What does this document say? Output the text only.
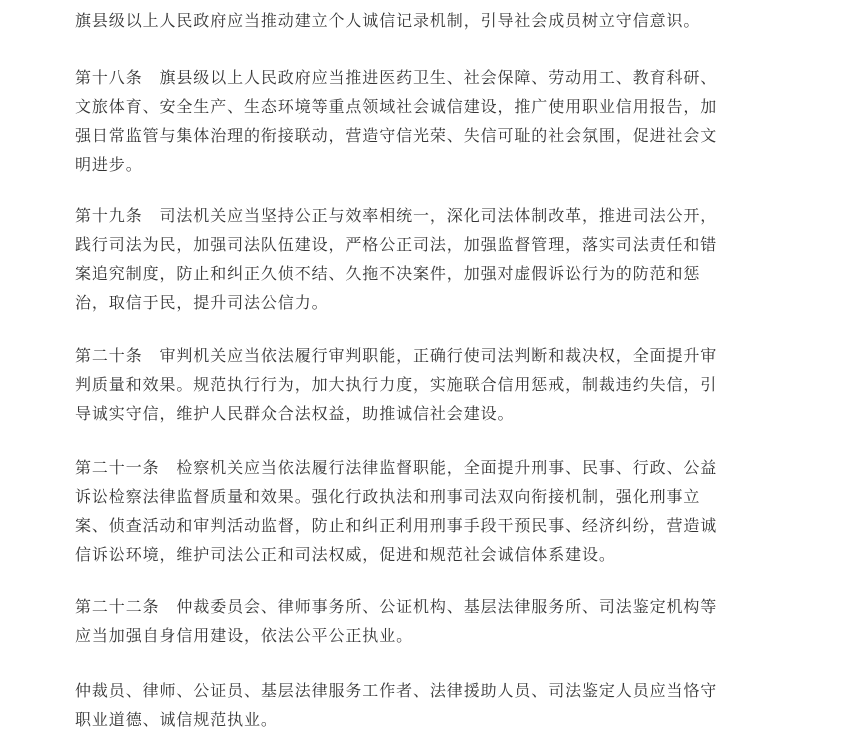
旗县级以上人民政府应当推动建立个人诚信记录机制，引导社会成员树立守信意识。

第十八条　旗县级以上人民政府应当推进医药卫生、社会保障、劳动用工、教育科研、
文旅体育、安全生产、生态环境等重点领域社会诚信建设，推广使用职业信用报告，加
强日常监管与集体治理的衔接联动，营造守信光荣、失信可耻的社会氛围，促进社会文
明进步。

第十九条　司法机关应当坚持公正与效率相统一，深化司法体制改革，推进司法公开，
践行司法为民，加强司法队伍建设，严格公正司法，加强监督管理，落实司法责任和错
案追究制度，防止和纠正久侦不结、久拖不决案件，加强对虚假诉讼行为的防范和惩
治，取信于民，提升司法公信力。

第二十条　审判机关应当依法履行审判职能，正确行使司法判断和裁决权，全面提升审
判质量和效果。规范执行行为，加大执行力度，实施联合信用惩戒，制裁违约失信，引
导诚实守信，维护人民群众合法权益，助推诚信社会建设。

第二十一条　检察机关应当依法履行法律监督职能，全面提升刑事、民事、行政、公益
诉讼检察法律监督质量和效果。强化行政执法和刑事司法双向衔接机制，强化刑事立
案、侦查活动和审判活动监督，防止和纠正利用刑事手段干预民事、经济纠纷，营造诚
信诉讼环境，维护司法公正和司法权威，促进和规范社会诚信体系建设。

第二十二条　仲裁委员会、律师事务所、公证机构、基层法律服务所、司法鉴定机构等
应当加强自身信用建设，依法公平公正执业。

仲裁员、律师、公证员、基层法律服务工作者、法律援助人员、司法鉴定人员应当恪守
职业道德、诚信规范执业。
